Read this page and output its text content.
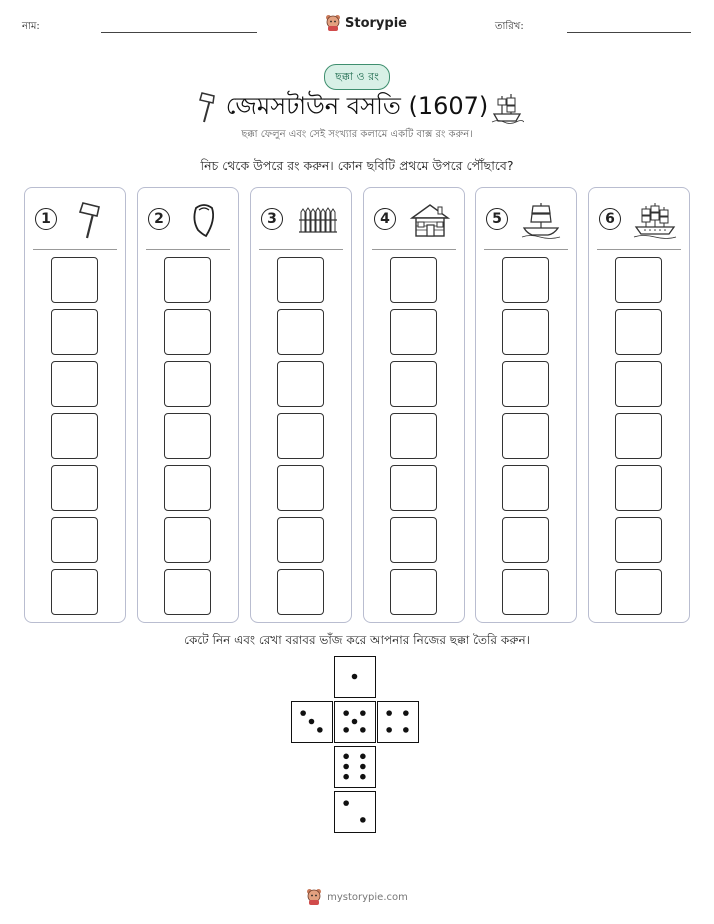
নাম:	Storypie	তারিখ:
ছক্কা ও রং
জেমসটাউন বসতি (1607)
ছক্কা ফেলুন এবং সেই সংখ্যার কলামে একটি বাক্স রং করুন।
নিচ থেকে উপরে রং করুন। কোন ছবিটি প্রথমে উপরে পৌঁছাবে?
1	2	3	4	5	6
কেটে নিন এবং রেখা বরাবর ভাঁজ করে আপনার নিজের ছক্কা তৈরি করুন।
mystorypie.com
